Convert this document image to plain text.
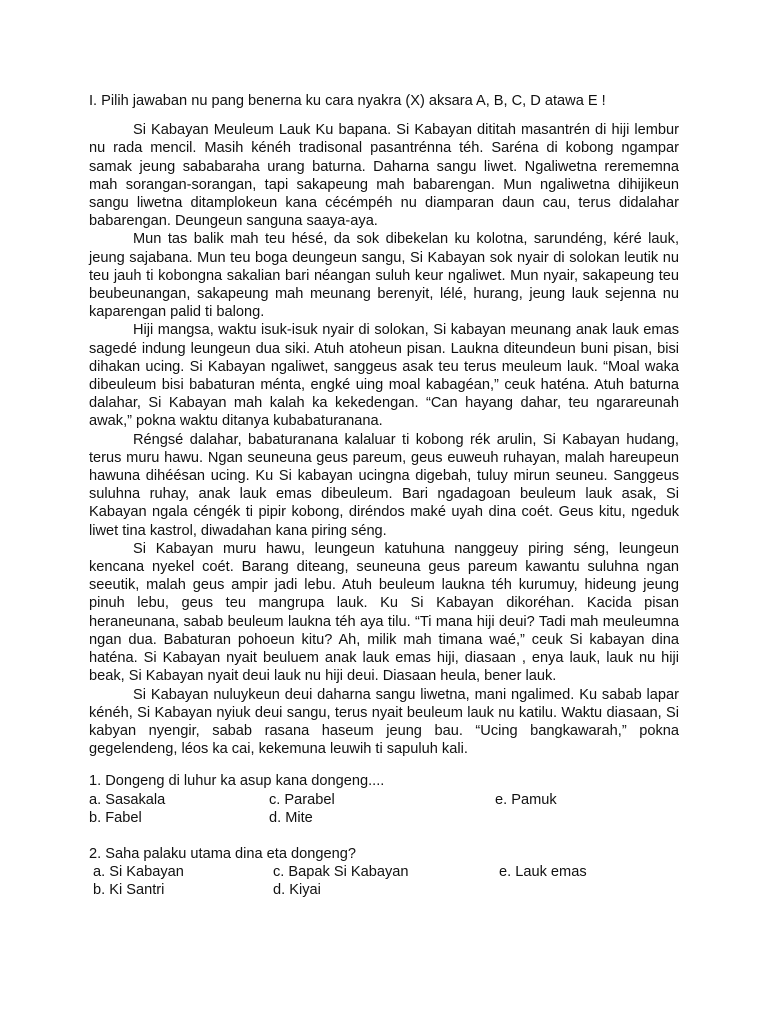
I. Pilih jawaban nu pang benerna ku cara nyakra (X) aksara A, B, C, D atawa E !

Si Kabayan Meuleum Lauk Ku bapana. Si Kabayan dititah masantrén di hiji lembur nu rada mencil. Masih kénéh tradisonal pasantrénna téh. Saréna di kobong ngampar samak jeung sababaraha urang baturna. Daharna sangu liwet. Ngaliwetna rerememna mah sorangan-sorangan, tapi sakapeung mah babarengan. Mun ngaliwetna dihijikeun sangu liwetna ditamplokeun kana cécémpéh nu diamparan daun cau, terus didalahar babarengan. Deungeun sanguna saaya-aya.

Mun tas balik mah teu hésé, da sok dibekelan ku kolotna, sarundéng, kéré lauk, jeung sajabana. Mun teu boga deungeun sangu, Si Kabayan sok nyair di solokan leutik nu teu jauh ti kobongna sakalian bari néangan suluh keur ngaliwet. Mun nyair, sakapeung teu beubeunangan, sakapeung mah meunang berenyit, lélé, hurang, jeung lauk sejenna nu kaparengan palid ti balong.

Hiji mangsa, waktu isuk-isuk nyair di solokan, Si kabayan meunang anak lauk emas sagedé indung leungeun dua siki. Atuh atoheun pisan. Laukna diteundeun buni pisan, bisi dihakan ucing. Si Kabayan ngaliwet, sanggeus asak teu terus meuleum lauk. “Moal waka dibeuleum bisi babaturan ménta, engké uing moal kabagéan,” ceuk haténa. Atuh baturna dalahar, Si Kabayan mah kalah ka kekedengan. “Can hayang dahar, teu ngarareunah awak,” pokna waktu ditanya kubabaturanana.

Réngsé dalahar, babaturanana kalaluar ti kobong rék arulin, Si Kabayan hudang, terus muru hawu. Ngan seuneuna geus pareum, geus euweuh ruhayan, malah hareupeun hawuna dihéésan ucing. Ku Si kabayan ucingna digebah, tuluy mirun seuneu. Sanggeus suluhna ruhay, anak lauk emas dibeuleum. Bari ngadagoan beuleum lauk asak, Si Kabayan ngala céngék ti pipir kobong, diréndos maké uyah dina coét. Geus kitu, ngeduk liwet tina kastrol, diwadahan kana piring séng.

Si Kabayan muru hawu, leungeun katuhuna nanggeuy piring séng, leungeun kencana nyekel coét. Barang diteang, seuneuna geus pareum kawantu suluhna ngan seeutik, malah geus ampir jadi lebu. Atuh beuleum laukna téh kurumuy, hideung jeung pinuh lebu, geus teu mangrupa lauk. Ku Si Kabayan dikoréhan. Kacida pisan heraneunana, sabab beuleum laukna téh aya tilu. “Ti mana hiji deui? Tadi mah meuleumna ngan dua. Babaturan pohoeun kitu? Ah, milik mah timana waé,” ceuk Si kabayan dina haténa. Si Kabayan nyait beuluem anak lauk emas hiji, diasaan , enya lauk, lauk nu hiji beak, Si Kabayan nyait deui lauk nu hiji deui. Diasaan heula, bener lauk.

Si Kabayan nuluykeun deui daharna sangu liwetna, mani ngalimed. Ku sabab lapar kénéh, Si Kabayan nyiuk deui sangu, terus nyait beuleum lauk nu katilu. Waktu diasaan, Si kabyan nyengir, sabab rasana haseum jeung bau. “Ucing bangkawarah,” pokna gegelendeng, léos ka cai, kekemuna leuwih ti sapuluh kali.

1. Dongeng di luhur ka asup kana dongeng....

a. Sasakala	c. Parabel	e. Pamuk
b. Fabel	d. Mite

2. Saha palaku utama dina eta dongeng?

a. Si Kabayan	c. Bapak Si Kabayan	e. Lauk emas
b. Ki Santri	d. Kiyai
